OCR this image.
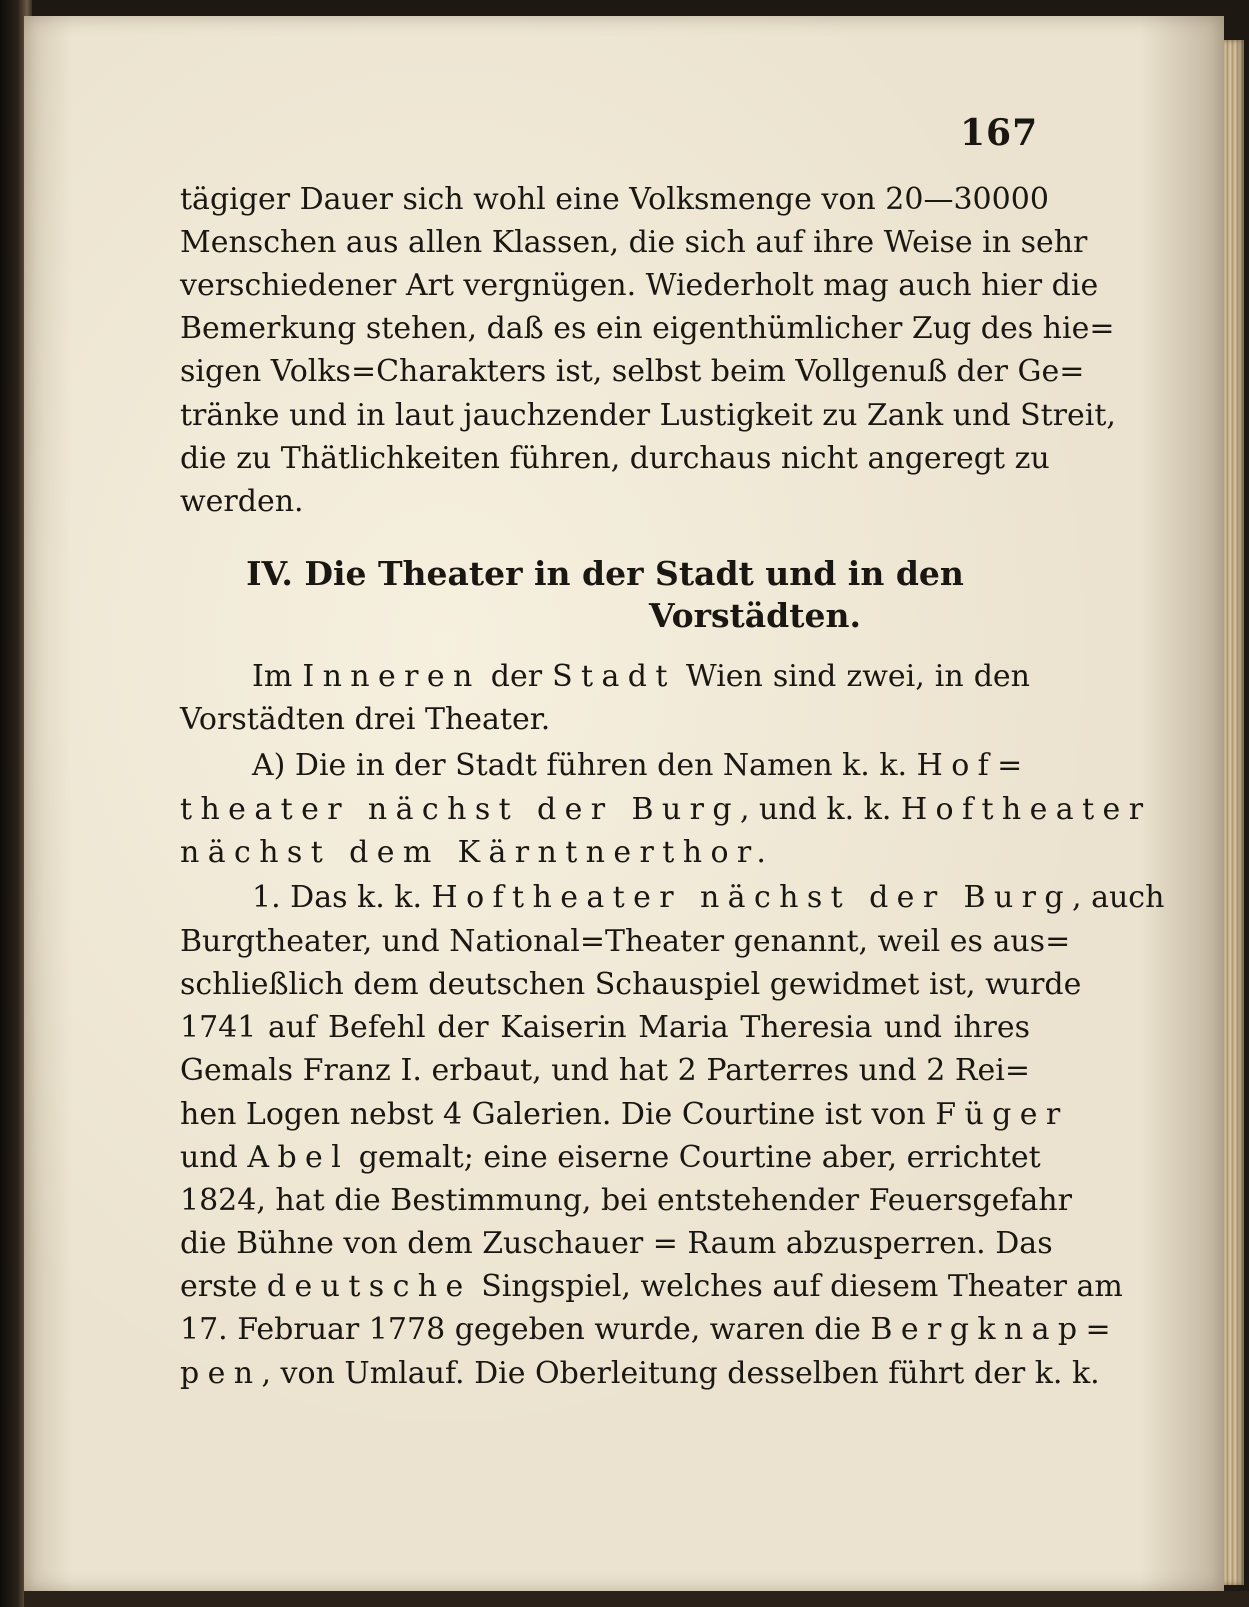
167
tägiger Dauer sich wohl eine Volksmenge von 20—30000
Menschen aus allen Klassen, die sich auf ihre Weise in sehr
verschiedener Art vergnügen. Wiederholt mag auch hier die
Bemerkung stehen, daß es ein eigenthümlicher Zug des hie=
sigen Volks=Charakters ist, selbst beim Vollgenuß der Ge=
tränke und in laut jauchzender Lustigkeit zu Zank und Streit,
die zu Thätlichkeiten führen, durchaus nicht angeregt zu
werden.
IV. Die Theater in der Stadt und in den
Vorstädten.
Im Inneren der Stadt Wien sind zwei, in den
Vorstädten drei Theater.
A) Die in der Stadt führen den Namen k. k. Hof=
theater nächst der Burg, und k. k. Hoftheater
nächst dem Kärntnerthor.
1. Das k. k. Hoftheater nächst der Burg, auch
Burgtheater, und National=Theater genannt, weil es aus=
schließlich dem deutschen Schauspiel gewidmet ist, wurde
1741 auf Befehl der Kaiserin Maria Theresia und ihres
Gemals Franz I. erbaut, und hat 2 Parterres und 2 Rei=
hen Logen nebst 4 Galerien. Die Courtine ist von Füger
und Abel gemalt; eine eiserne Courtine aber, errichtet
1824, hat die Bestimmung, bei entstehender Feuersgefahr
die Bühne von dem Zuschauer = Raum abzusperren. Das
erste deutsche Singspiel, welches auf diesem Theater am
17. Februar 1778 gegeben wurde, waren die Bergknap=
pen, von Umlauf. Die Oberleitung desselben führt der k. k.
